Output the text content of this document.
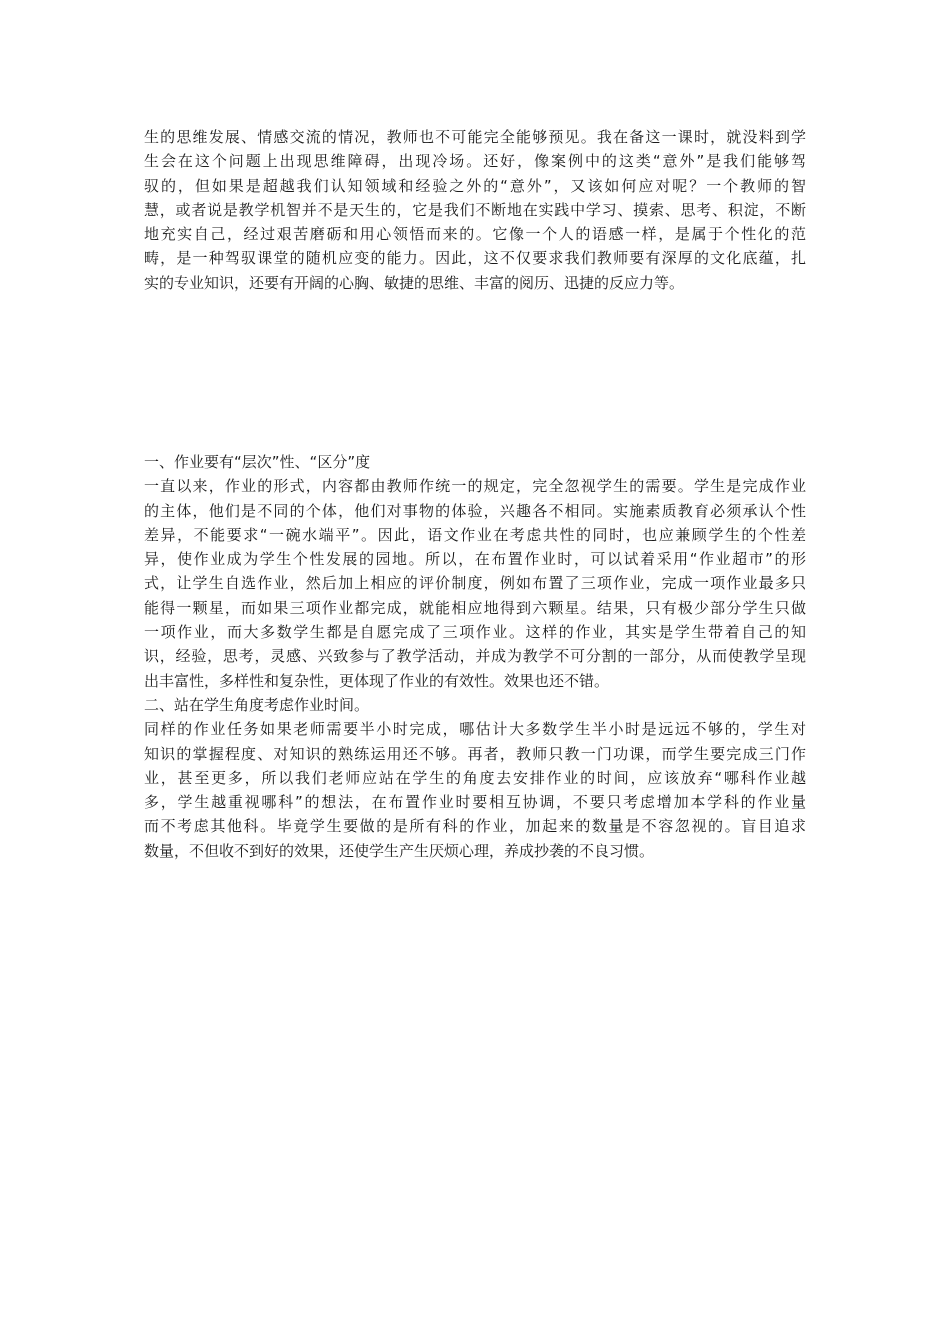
生的思维发展、情感交流的情况，教师也不可能完全能够预见。我在备这一课时，就没料到学
生会在这个问题上出现思维障碍，出现冷场。还好，像案例中的这类“意外”是我们能够驾
驭的，但如果是超越我们认知领域和经验之外的“意外”，又该如何应对呢？一个教师的智
慧，或者说是教学机智并不是天生的，它是我们不断地在实践中学习、摸索、思考、积淀，不断
地充实自己，经过艰苦磨砺和用心领悟而来的。它像一个人的语感一样，是属于个性化的范
畴，是一种驾驭课堂的随机应变的能力。因此，这不仅要求我们教师要有深厚的文化底蕴，扎
实的专业知识，还要有开阔的心胸、敏捷的思维、丰富的阅历、迅捷的反应力等。
一、作业要有“层次”性、“区分”度
一直以来，作业的形式，内容都由教师作统一的规定，完全忽视学生的需要。学生是完成作业
的主体，他们是不同的个体，他们对事物的体验，兴趣各不相同。实施素质教育必须承认个性
差异，不能要求“一碗水端平”。因此，语文作业在考虑共性的同时，也应兼顾学生的个性差
异，使作业成为学生个性发展的园地。所以，在布置作业时，可以试着采用“作业超市”的形
式，让学生自选作业，然后加上相应的评价制度，例如布置了三项作业，完成一项作业最多只
能得一颗星，而如果三项作业都完成，就能相应地得到六颗星。结果，只有极少部分学生只做
一项作业，而大多数学生都是自愿完成了三项作业。这样的作业，其实是学生带着自己的知
识，经验，思考，灵感、兴致参与了教学活动，并成为教学不可分割的一部分，从而使教学呈现
出丰富性，多样性和复杂性，更体现了作业的有效性。效果也还不错。
二、站在学生角度考虑作业时间。
同样的作业任务如果老师需要半小时完成，哪估计大多数学生半小时是远远不够的，学生对
知识的掌握程度、对知识的熟练运用还不够。再者，教师只教一门功课，而学生要完成三门作
业，甚至更多，所以我们老师应站在学生的角度去安排作业的时间，应该放弃“哪科作业越
多，学生越重视哪科”的想法，在布置作业时要相互协调，不要只考虑增加本学科的作业量
而不考虑其他科。毕竟学生要做的是所有科的作业，加起来的数量是不容忽视的。盲目追求
数量，不但收不到好的效果，还使学生产生厌烦心理，养成抄袭的不良习惯。
